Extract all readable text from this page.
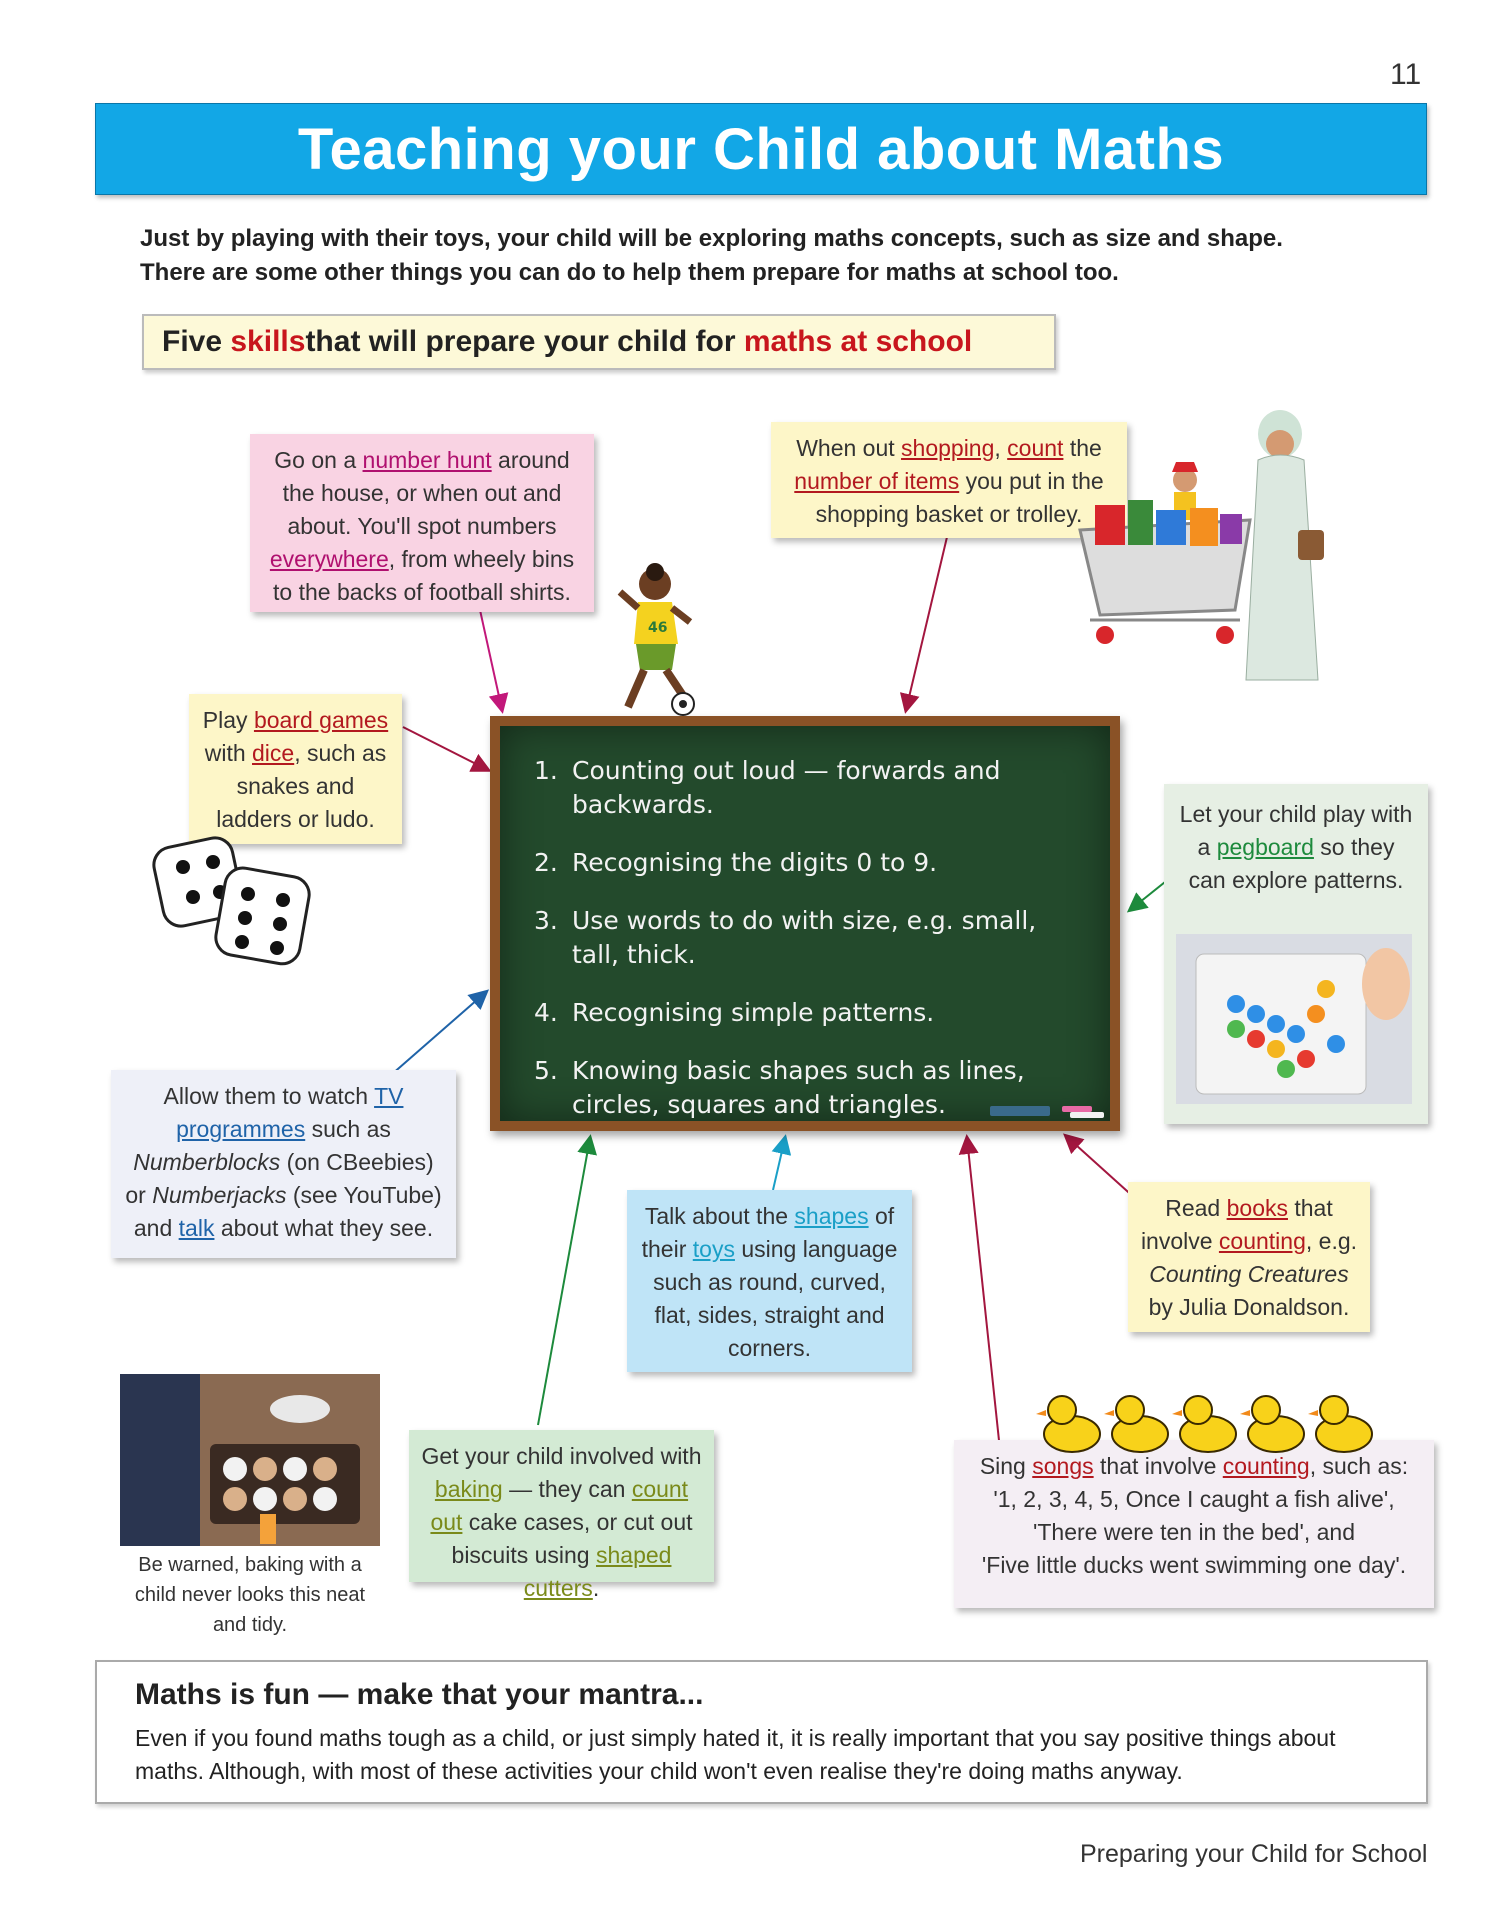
11
Teaching your Child about Maths
Just by playing with their toys, your child will be exploring maths concepts, such as size and shape.
There are some other things you can do to help them prepare for maths at school too.
Five
skills that will prepare your child for
maths at school
Go on a number hunt around the house, or when out and about. You'll spot numbers everywhere, from wheely bins to the backs of football shirts.
When out shopping, count the number of items you put in the shopping basket or trolley.
Play board games with dice, such as snakes and ladders or ludo.	Let your child play with a pegboard so they can explore patterns.
Allow them to watch TV programmes such as Numberblocks (on CBeebies) or Numberjacks (see YouTube) and talk about what they see.	Talk about the shapes of their toys using language such as round, curved, flat, sides, straight and corners.
Read books that involve counting, e.g. Counting Creatures by Julia Donaldson.
Get your child involved with baking — they can count out cake cases, or cut out biscuits using shaped cutters.
Sing songs that involve counting, such as:
'1, 2, 3, 4, 5, Once I caught a fish alive',
'There were ten in the bed', and
'Five little ducks went swimming one day'.
1. Counting out loud — forwards and backwards.
2. Recognising the digits 0 to 9.
3. Use words to do with size, e.g. small, tall, thick.
4. Recognising simple patterns.
5. Knowing basic shapes such as lines, circles, squares and triangles.
46
Be warned, baking with a child never looks this neat and tidy.
Maths is fun — make that your mantra...
Even if you found maths tough as a child, or just simply hated it, it is really important that you say positive things about maths. Although, with most of these activities your child won't even realise they're doing maths anyway.
Preparing your Child for School
